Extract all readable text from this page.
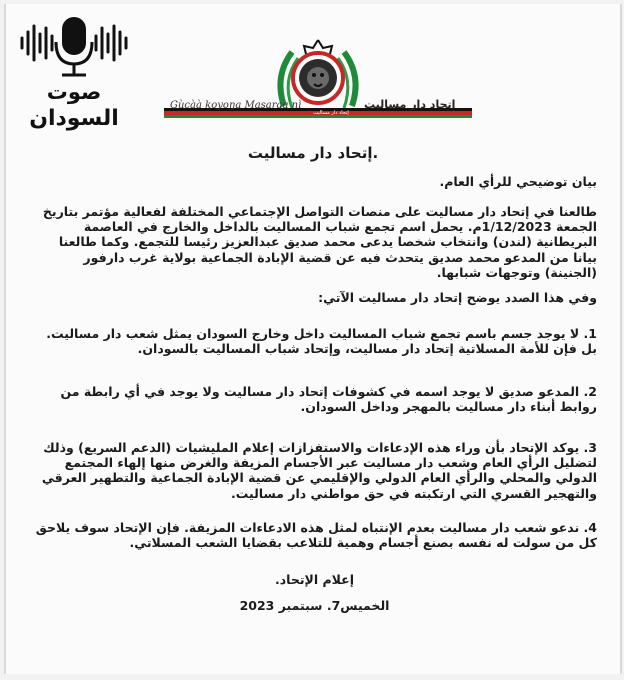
صوت
السودان
Gùcàà koyoŋa Masaraa nì	إتحاد دار مساليت
إتحاد دار مساليت
إتحاد دار مساليت.
بيان توضيحي للرأي العام.
طالعنا في إتحاد دار مساليت على منصات التواصل الإجتماعي المختلفة لفعالية مؤتمر بتاريخ الجمعة 1/12/2023م. يحمل اسم تجمع شباب المساليت بالداخل والخارج في العاصمة البريطانية (لندن) وانتخاب شخصا يدعى محمد صديق عبدالعزيز رئيسا للتجمع. وكما طالعنا بيانا من المدعو محمد صديق يتحدث فيه عن قضية الإبادة الجماعية بولاية غرب دارفور (الجنينة) وتوجهات شبابها.
وفي هذا الصدد يوضح إتحاد دار مساليت الآتي:
1. لا يوجد جسم باسم تجمع شباب المساليت داخل وخارج السودان يمثل شعب دار مساليت. بل فإن للأمة المسلاتية إتحاد دار مساليت، وإتحاد شباب المساليت بالسودان.
2. المدعو صديق لا يوجد اسمه في كشوفات إتحاد دار مساليت ولا يوجد في أي رابطة من روابط أبناء دار مساليت بالمهجر وداخل السودان.
3. يوكد الإتحاد بأن وراء هذه الإدعاءات والاستفزازات إعلام المليشيات (الدعم السريع) وذلك لتضليل الرأي العام وشعب دار مساليت عبر الأجسام المزيفة والغرض منها إلهاء المجتمع الدولي والمحلي والرأي العام الدولي والإقليمي عن قضية الإبادة الجماعية والتطهير العرقي والتهجير القسري التي ارتكبته في حق مواطني دار مساليت.
4. ندعو شعب دار مساليت بعدم الإنتباه لمثل هذه الادعاءات المزيفة. فإن الإتحاد سوف يلاحق كل من سولت له نفسه بصنع أجسام وهمية للتلاعب بقضايا الشعب المسلاتي.
إعلام الإتحاد.
الخميس7. سبتمبر 2023
